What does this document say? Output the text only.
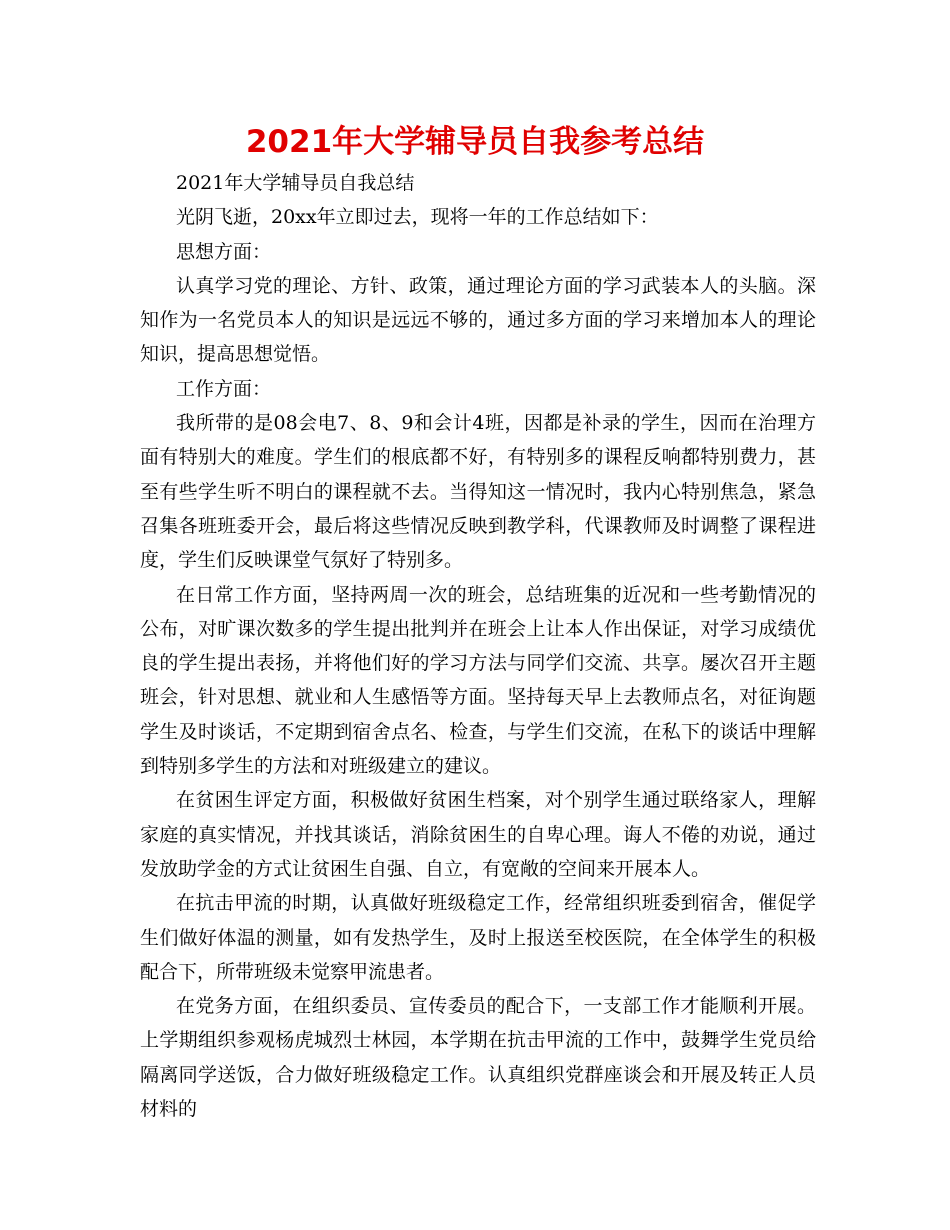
2021年大学辅导员自我参考总结

2021年大学辅导员自我总结

光阴飞逝，20xx年立即过去，现将一年的工作总结如下：

思想方面：

认真学习党的理论、方针、政策，通过理论方面的学习武装本人的头脑。深知作为一名党员本人的知识是远远不够的，通过多方面的学习来增加本人的理论知识，提高思想觉悟。

工作方面：

我所带的是08会电7、8、9和会计4班，因都是补录的学生，因而在治理方面有特别大的难度。学生们的根底都不好，有特别多的课程反响都特别费力，甚至有些学生听不明白的课程就不去。当得知这一情况时，我内心特别焦急，紧急召集各班班委开会，最后将这些情况反映到教学科，代课教师及时调整了课程进度，学生们反映课堂气氛好了特别多。

在日常工作方面，坚持两周一次的班会，总结班集的近况和一些考勤情况的公布，对旷课次数多的学生提出批判并在班会上让本人作出保证，对学习成绩优良的学生提出表扬，并将他们好的学习方法与同学们交流、共享。屡次召开主题班会，针对思想、就业和人生感悟等方面。坚持每天早上去教师点名，对征询题学生及时谈话，不定期到宿舍点名、检查，与学生们交流，在私下的谈话中理解到特别多学生的方法和对班级建立的建议。

在贫困生评定方面，积极做好贫困生档案，对个别学生通过联络家人，理解家庭的真实情况，并找其谈话，消除贫困生的自卑心理。诲人不倦的劝说，通过发放助学金的方式让贫困生自强、自立，有宽敞的空间来开展本人。

在抗击甲流的时期，认真做好班级稳定工作，经常组织班委到宿舍，催促学生们做好体温的测量，如有发热学生，及时上报送至校医院，在全体学生的积极配合下，所带班级未觉察甲流患者。

在党务方面，在组织委员、宣传委员的配合下，一支部工作才能顺利开展。上学期组织参观杨虎城烈士林园，本学期在抗击甲流的工作中，鼓舞学生党员给隔离同学送饭，合力做好班级稳定工作。认真组织党群座谈会和开展及转正人员材料的
